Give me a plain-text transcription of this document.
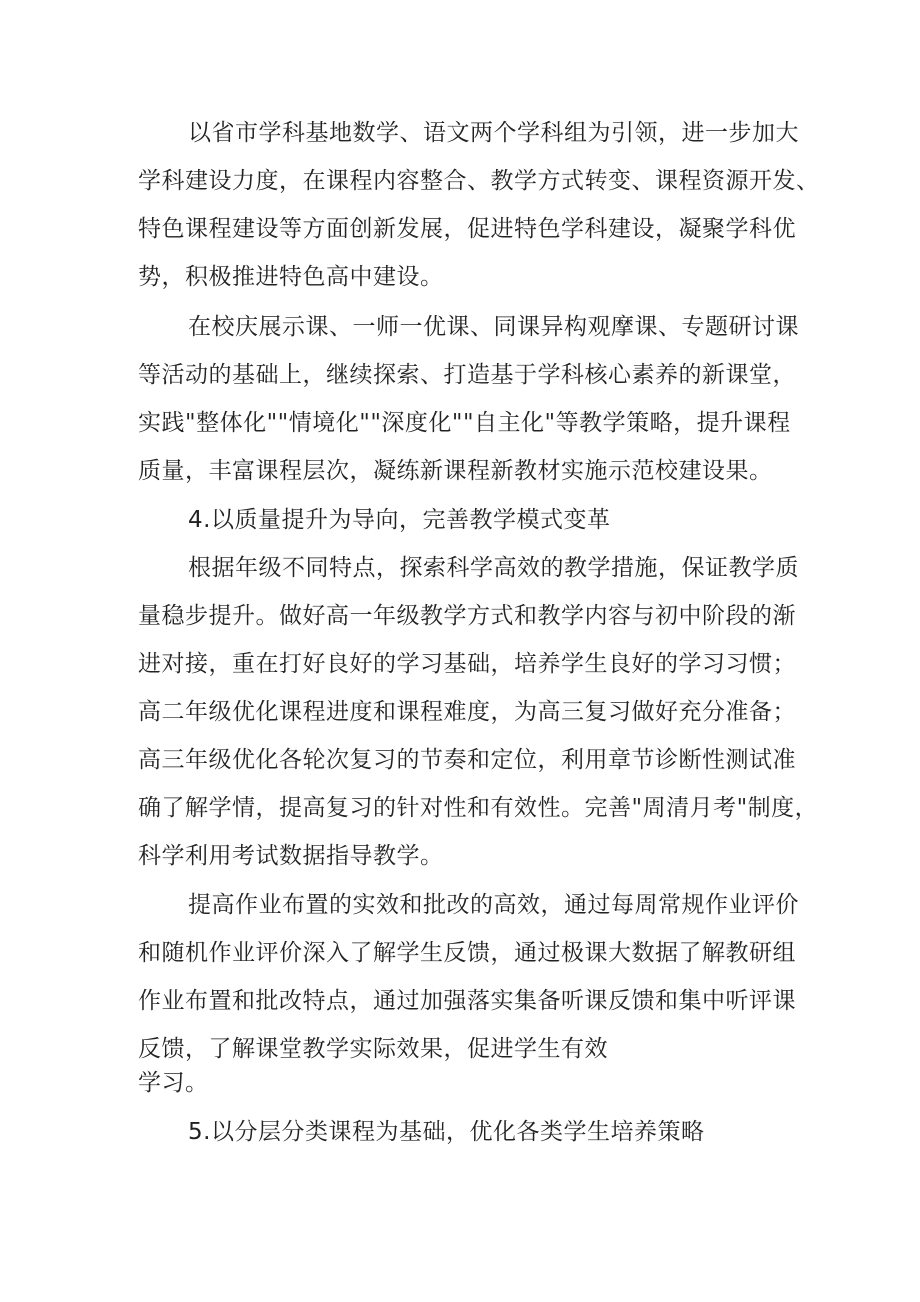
以省市学科基地数学、语文两个学科组为引领，进一步加大
学科建设力度，在课程内容整合、教学方式转变、课程资源开发、
特色课程建设等方面创新发展，促进特色学科建设，凝聚学科优
势，积极推进特色高中建设。
在校庆展示课、一师一优课、同课异构观摩课、专题研讨课
等活动的基础上，继续探索、打造基于学科核心素养的新课堂，
实践"整体化""情境化""深度化""自主化"等教学策略，提升课程
质量，丰富课程层次，凝练新课程新教材实施示范校建设果。
4.以质量提升为导向，完善教学模式变革
根据年级不同特点，探索科学高效的教学措施，保证教学质
量稳步提升。做好高一年级教学方式和教学内容与初中阶段的渐
进对接，重在打好良好的学习基础，培养学生良好的学习习惯；
高二年级优化课程进度和课程难度，为高三复习做好充分准备；
高三年级优化各轮次复习的节奏和定位，利用章节诊断性测试准
确了解学情，提高复习的针对性和有效性。完善"周清月考"制度，
科学利用考试数据指导教学。
提高作业布置的实效和批改的高效，通过每周常规作业评价
和随机作业评价深入了解学生反馈，通过极课大数据了解教研组
作业布置和批改特点，通过加强落实集备听课反馈和集中听评课
反馈，了解课堂教学实际效果，促进学生有效
学习。
5.以分层分类课程为基础，优化各类学生培养策略
